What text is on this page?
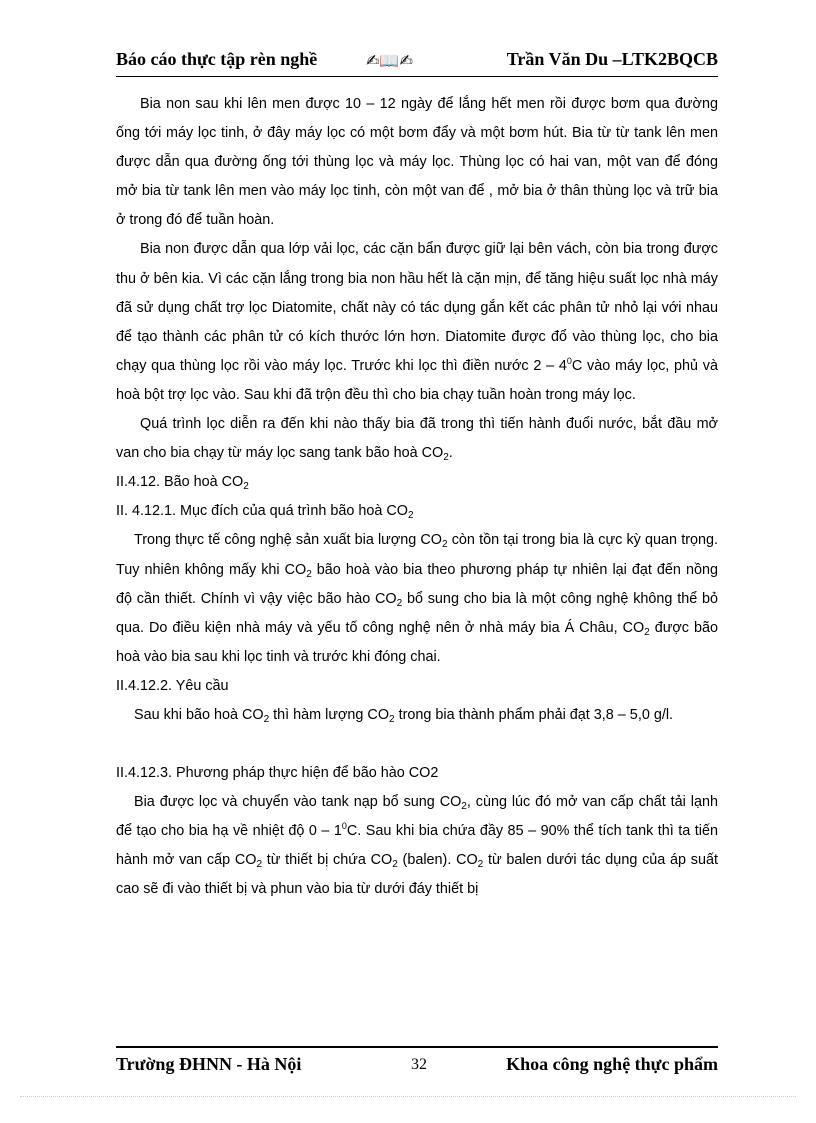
Báo cáo thực tập rèn nghề	✍📖✍	Trần Văn Du –LTK2BQCB

Bia non sau khi lên men được 10 – 12 ngày để lắng hết men rồi được bơm qua đường ống tới máy lọc tinh, ở đây máy lọc có một bơm đẩy và một bơm hút. Bia từ từ tank lên men được dẫn qua đường ống tới thùng lọc và máy lọc. Thùng lọc có hai van, một van để đóng mở bia từ tank lên men vào máy lọc tinh, còn một van để , mở bia ở thân thùng lọc và trữ bia ở trong đó để tuần hoàn.

Bia non được dẫn qua lớp vải lọc, các cặn bẩn được giữ lại bên vách, còn bia trong được thu ở bên kia. Vì các cặn lắng trong bia non hầu hết là cặn mịn, để tăng hiệu suất lọc nhà máy đã sử dụng chất trợ lọc Diatomite, chất này có tác dụng gắn kết các phân tử nhỏ lại với nhau để tạo thành các phân tử có kích thước lớn hơn. Diatomite được đổ vào thùng lọc, cho bia chạy qua thùng lọc rồi vào máy lọc. Trước khi lọc thì điền nước $2 - 4^0C$ vào máy lọc, phủ và hoà bột trợ lọc vào. Sau khi đã trộn đều thì cho bia chạy tuần hoàn trong máy lọc.

Quá trình lọc diễn ra đến khi nào thấy bia đã trong thì tiến hành đuổi nước, bắt đầu mở van cho bia chạy từ máy lọc sang tank bão hoà $CO_2$.

II.4.12. Bão hoà $CO_2$

II. 4.12.1. Mục đích của quá trình bão hoà $CO_2$

Trong thực tế công nghệ sản xuất bia lượng $CO_2$ còn tồn tại trong bia là cực kỳ quan trọng. Tuy nhiên không mấy khi $CO_2$ bão hoà vào bia theo phương pháp tự nhiên lại đạt đến nồng độ cần thiết. Chính vì vậy việc bão hào $CO_2$ bổ sung cho bia là một công nghệ không thể bỏ qua. Do điều kiện nhà máy và yếu tố công nghệ nên ở nhà máy bia Á Châu, $CO_2$ được bão hoà vào bia sau khi lọc tinh và trước khi đóng chai.

II.4.12.2. Yêu cầu

Sau khi bão hoà $CO_2$ thì hàm lượng $CO_2$ trong bia thành phẩm phải đạt 3,8 – 5,0 g/l.

II.4.12.3. Phương pháp thực hiện để bão hào CO2

Bia được lọc và chuyển vào tank nạp bổ sung $CO_2$, cùng lúc đó mở van cấp chất tải lạnh để tạo cho bia hạ về nhiệt độ $0 - 1^0C$. Sau khi bia chứa đầy 85 – 90% thể tích tank thì ta tiến hành mở van cấp $CO_2$ từ thiết bị chứa $CO_2$ (balen). $CO_2$ từ balen dưới tác dụng của áp suất cao sẽ đi vào thiết bị và phun vào bia từ dưới đáy thiết bị

Trường ĐHNN - Hà Nội	32	Khoa công nghệ thực phẩm
